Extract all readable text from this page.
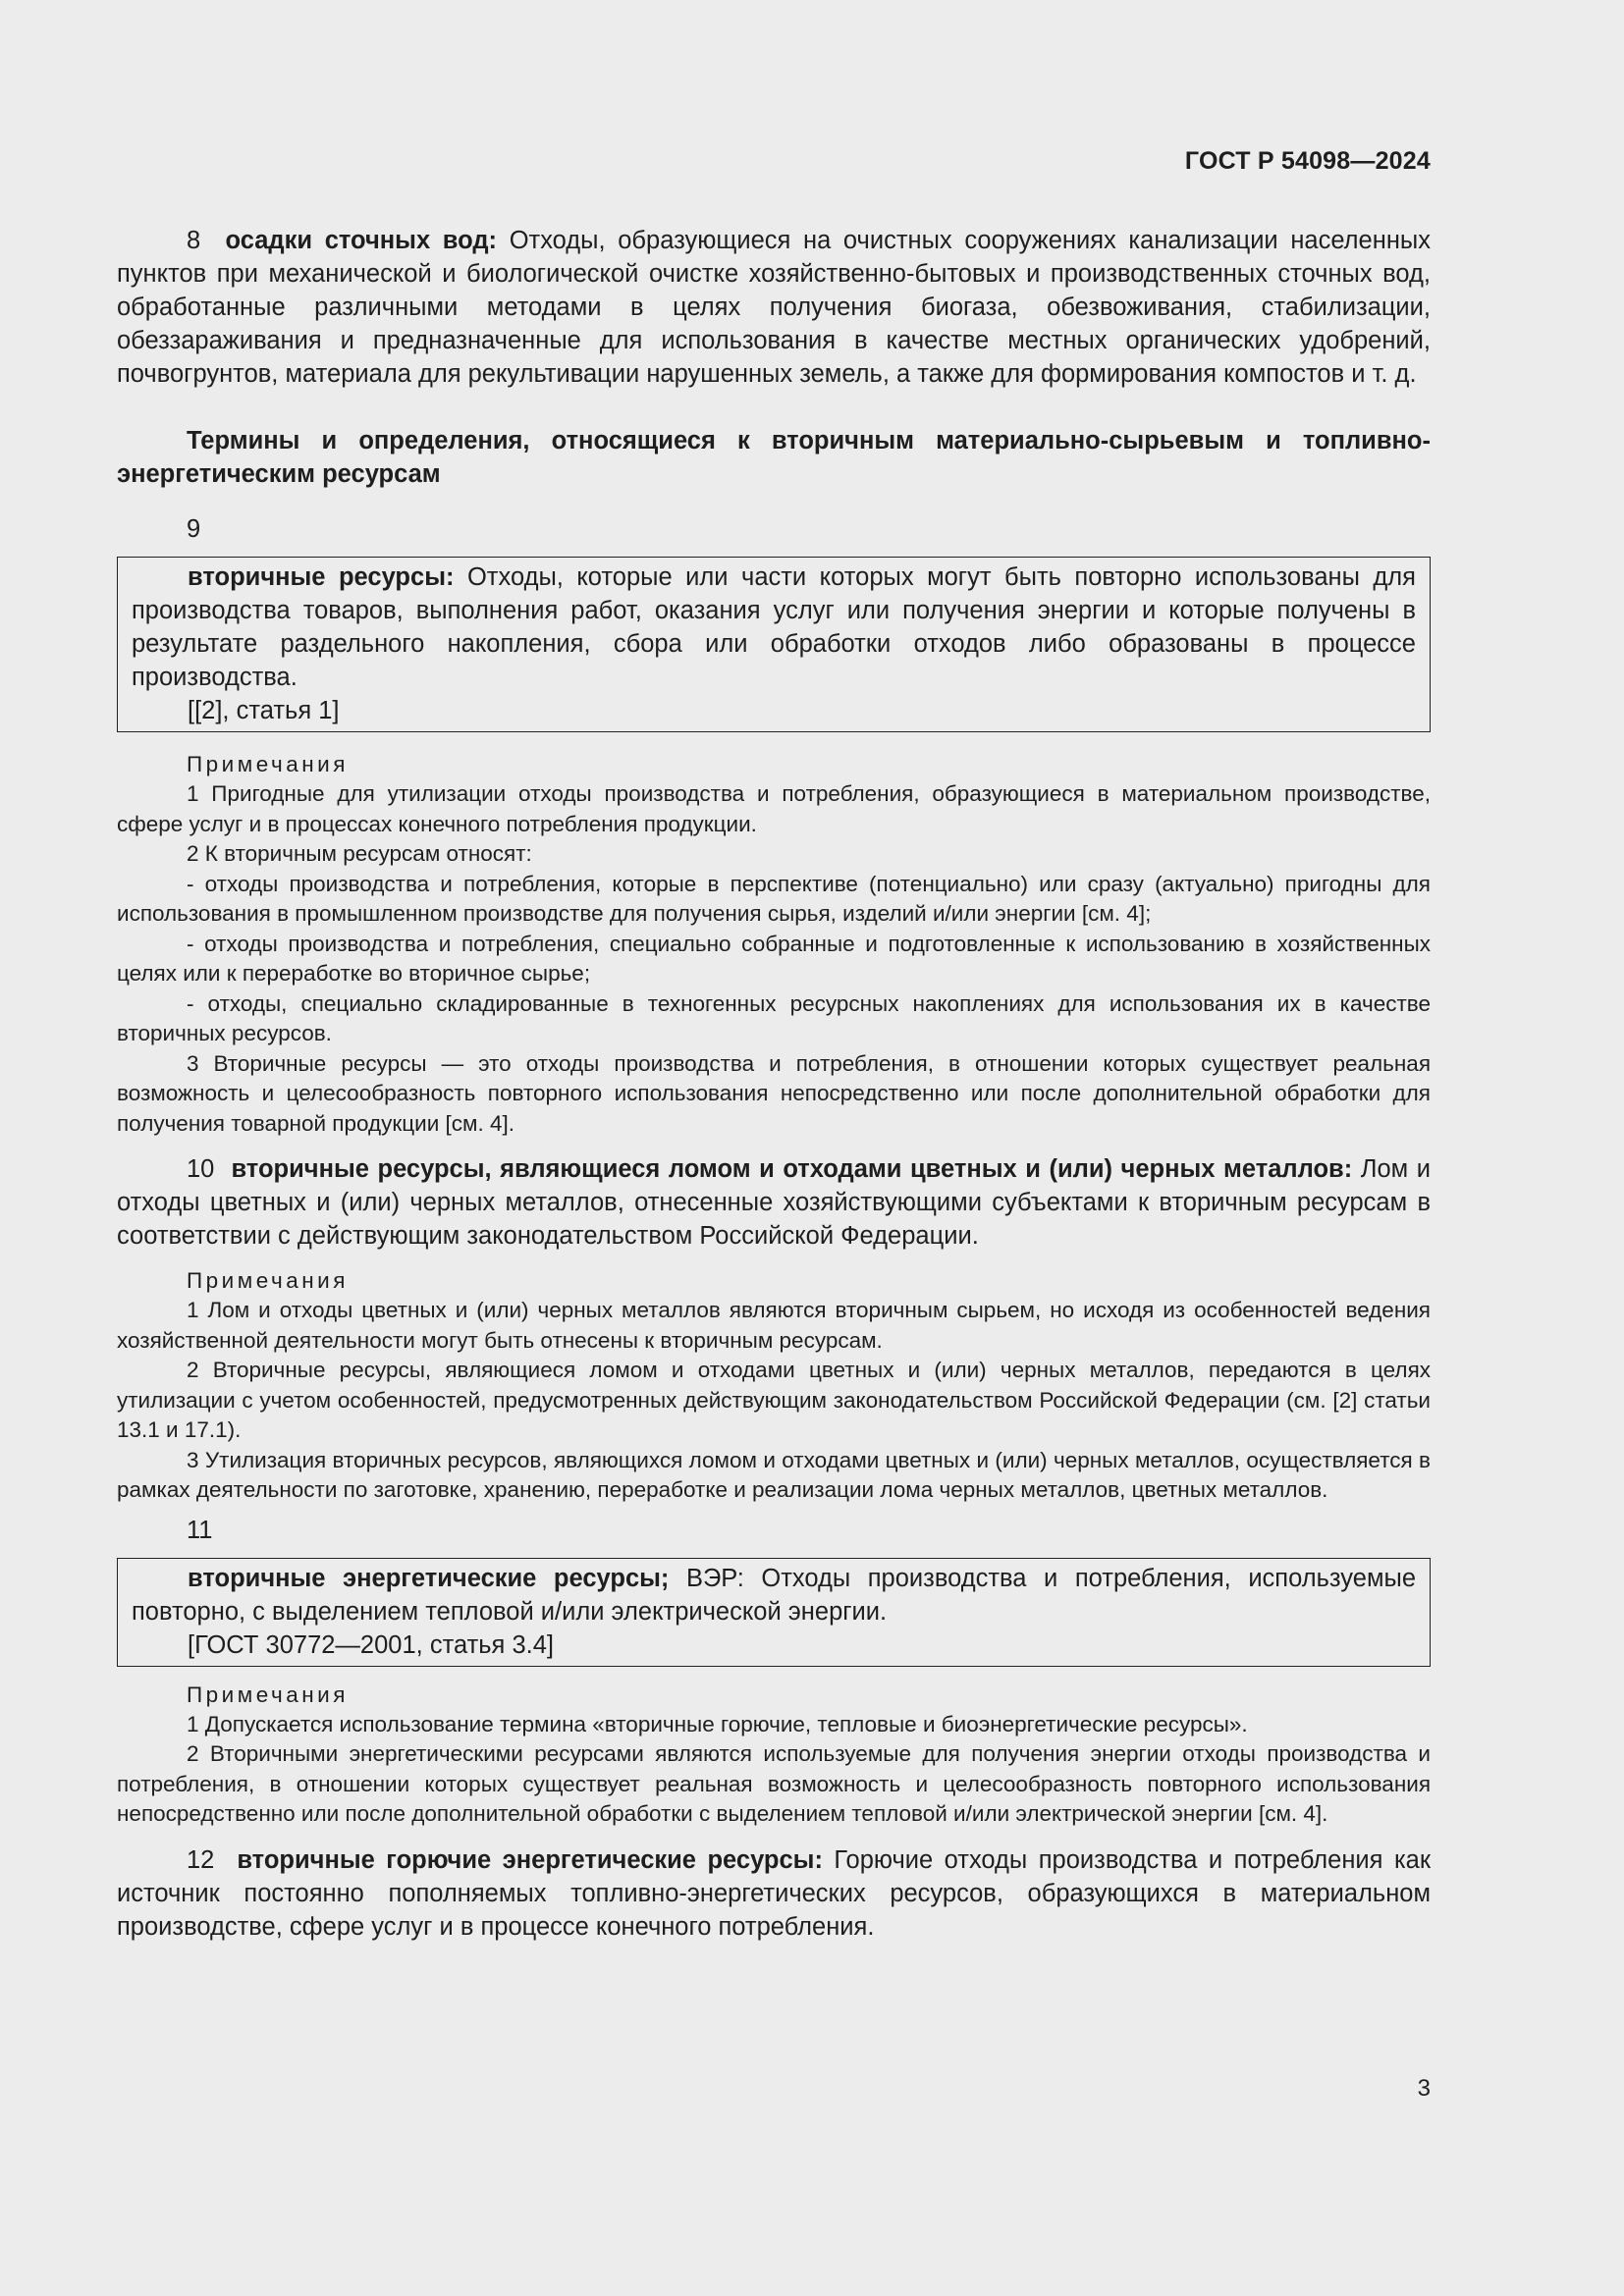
ГОСТ Р 54098—2024

8 осадки сточных вод: Отходы, образующиеся на очистных сооружениях канализации населенных пунктов при механической и биологической очистке хозяйственно-бытовых и производственных сточных вод, обработанные различными методами в целях получения биогаза, обезвоживания, стабилизации, обеззараживания и предназначенные для использования в качестве местных органических удобрений, почвогрунтов, материала для рекультивации нарушенных земель, а также для формирования компостов и т. д.

Термины и определения, относящиеся к вторичным материально-сырьевым и топливно-энергетическим ресурсам

9

вторичные ресурсы: Отходы, которые или части которых могут быть повторно использованы для производства товаров, выполнения работ, оказания услуг или получения энергии и которые получены в результате раздельного накопления, сбора или обработки отходов либо образованы в процессе производства.

[[2], статья 1]

Примечания

1 Пригодные для утилизации отходы производства и потребления, образующиеся в материальном производстве, сфере услуг и в процессах конечного потребления продукции.

2 К вторичным ресурсам относят:

- отходы производства и потребления, которые в перспективе (потенциально) или сразу (актуально) пригодны для использования в промышленном производстве для получения сырья, изделий и/или энергии [см. 4];

- отходы производства и потребления, специально собранные и подготовленные к использованию в хозяйственных целях или к переработке во вторичное сырье;

- отходы, специально складированные в техногенных ресурсных накоплениях для использования их в качестве вторичных ресурсов.

3 Вторичные ресурсы — это отходы производства и потребления, в отношении которых существует реальная возможность и целесообразность повторного использования непосредственно или после дополнительной обработки для получения товарной продукции [см. 4].

10 вторичные ресурсы, являющиеся ломом и отходами цветных и (или) черных металлов: Лом и отходы цветных и (или) черных металлов, отнесенные хозяйствующими субъектами к вторичным ресурсам в соответствии с действующим законодательством Российской Федерации.

Примечания

1 Лом и отходы цветных и (или) черных металлов являются вторичным сырьем, но исходя из особенностей ведения хозяйственной деятельности могут быть отнесены к вторичным ресурсам.

2 Вторичные ресурсы, являющиеся ломом и отходами цветных и (или) черных металлов, передаются в целях утилизации с учетом особенностей, предусмотренных действующим законодательством Российской Федерации (см. [2] статьи 13.1 и 17.1).

3 Утилизация вторичных ресурсов, являющихся ломом и отходами цветных и (или) черных металлов, осуществляется в рамках деятельности по заготовке, хранению, переработке и реализации лома черных металлов, цветных металлов.

11

вторичные энергетические ресурсы; ВЭР: Отходы производства и потребления, используемые повторно, с выделением тепловой и/или электрической энергии.

[ГОСТ 30772—2001, статья 3.4]

Примечания

1 Допускается использование термина «вторичные горючие, тепловые и биоэнергетические ресурсы».

2 Вторичными энергетическими ресурсами являются используемые для получения энергии отходы производства и потребления, в отношении которых существует реальная возможность и целесообразность повторного использования непосредственно или после дополнительной обработки с выделением тепловой и/или электрической энергии [см. 4].

12 вторичные горючие энергетические ресурсы: Горючие отходы производства и потребления как источник постоянно пополняемых топливно-энергетических ресурсов, образующихся в материальном производстве, сфере услуг и в процессе конечного потребления.

3
